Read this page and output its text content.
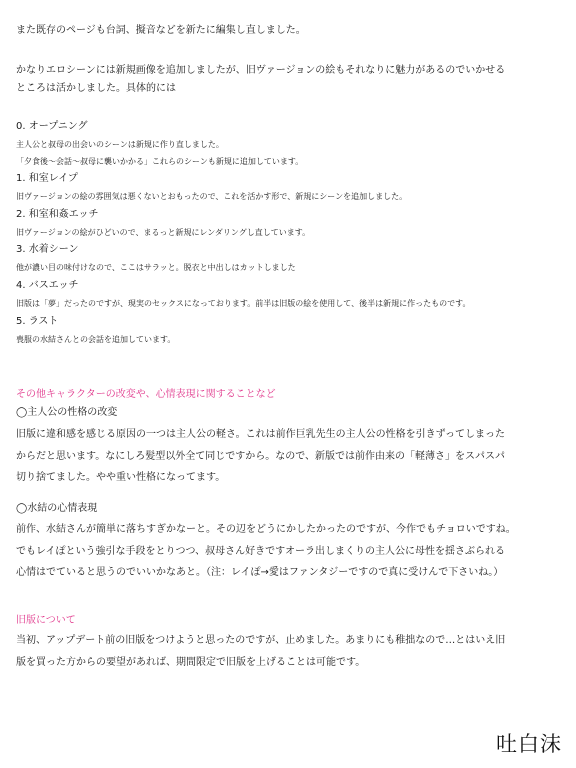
また既存のページも台詞、擬音などを新たに編集し直しました。
かなりエロシーンには新規画像を追加しましたが、旧ヴァージョンの絵もそれなりに魅力があるのでいかせる
ところは活かしました。具体的には
0. オープニング
主人公と叔母の出会いのシーンは新規に作り直しました。
「夕食後～会話～叔母に襲いかかる」これらのシーンも新規に追加しています。
1. 和室レイプ
旧ヴァージョンの絵の雰囲気は悪くないとおもったので、これを活かす形で、新規にシーンを追加しました。
2. 和室和姦エッチ
旧ヴァージョンの絵がひどいので、まるっと新規にレンダリングし直しています。
3. 水着シーン
他が濃い目の味付けなので、ここはサラッと。脱衣と中出しはカットしました
4. バスエッチ
旧版は「夢」だったのですが、現実のセックスになっております。前半は旧版の絵を使用して、後半は新規に作ったものです。
5. ラスト
喪服の水結さんとの会話を追加しています。
その他キャラクターの改変や、心情表現に関することなど
◯主人公の性格の改変
旧版に違和感を感じる原因の一つは主人公の軽さ。これは前作巨乳先生の主人公の性格を引きずってしまった
からだと思います。なにしろ髪型以外全て同じですから。なので、新版では前作由来の「軽薄さ」をスパスパ
切り捨てました。やや重い性格になってます。
◯水結の心情表現
前作、水結さんが簡単に落ちすぎかなーと。その辺をどうにかしたかったのですが、今作でもチョロいですね。
でもレイぽという強引な手段をとりつつ、叔母さん好きですオーラ出しまくりの主人公に母性を揺さぶられる
心情はでていると思うのでいいかなあと。（注：レイぽ→愛はファンタジーですので真に受けんで下さいね。）
旧版について
当初、アップデート前の旧版をつけようと思ったのですが、止めました。あまりにも稚拙なので…とはいえ旧
版を買った方からの要望があれば、期間限定で旧版を上げることは可能です。
吐白沫
